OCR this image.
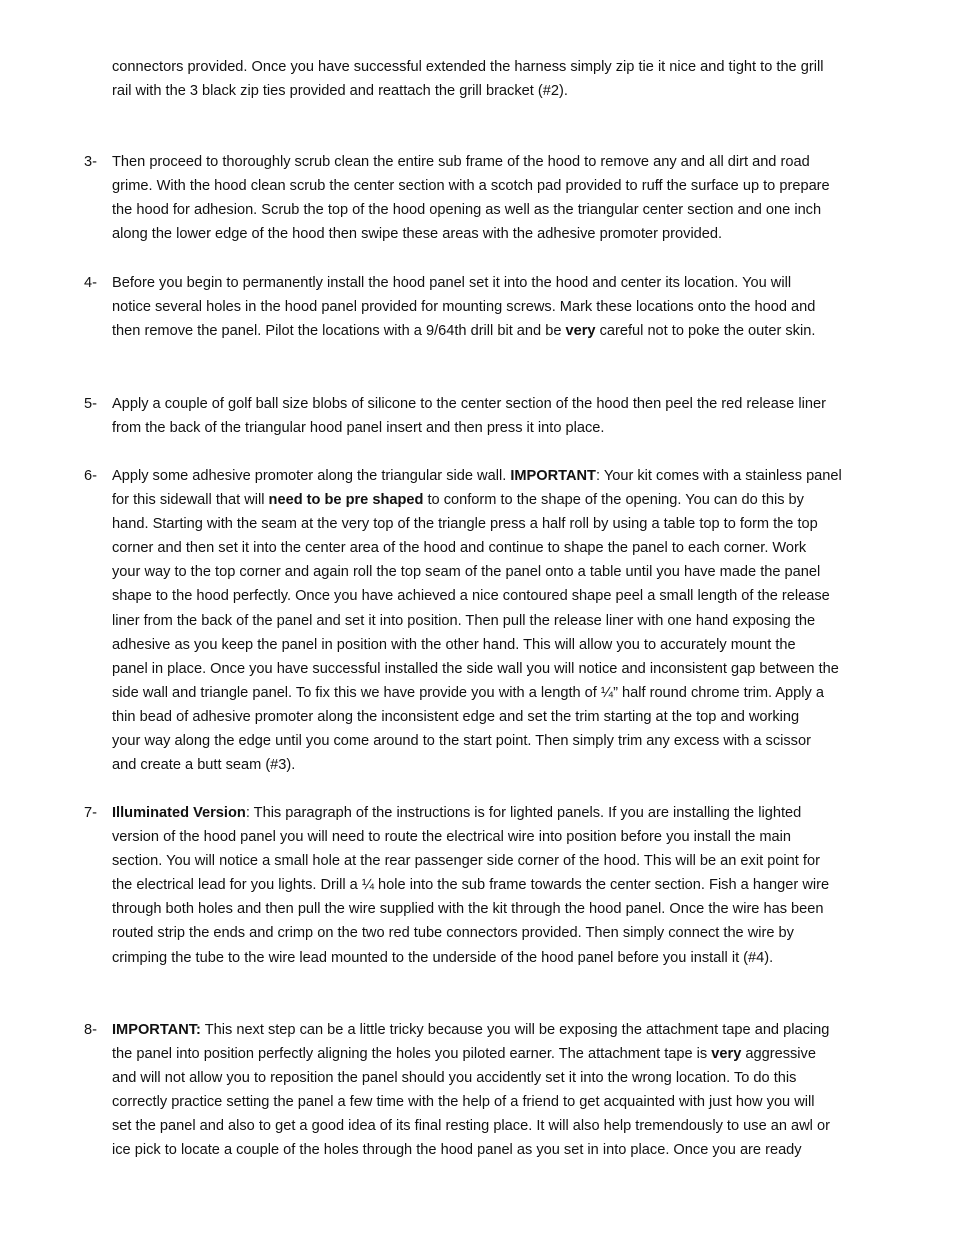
connectors provided. Once you have successful extended the harness simply zip tie it nice and tight to the grill
rail with the 3 black zip ties provided and reattach the grill bracket (#2).
3- Then proceed to thoroughly scrub clean the entire sub frame of the hood to remove any and all dirt and road
grime. With the hood clean scrub the center section with a scotch pad provided to ruff the surface up to prepare
the hood for adhesion. Scrub the top of the hood opening as well as the triangular center section and one inch
along the lower edge of the hood then swipe these areas with the adhesive promoter provided.
4- Before you begin to permanently install the hood panel set it into the hood and center its location. You will
notice several holes in the hood panel provided for mounting screws. Mark these locations onto the hood and
then remove the panel. Pilot the locations with a 9/64th drill bit and be very careful not to poke the outer skin.
5- Apply a couple of golf ball size blobs of silicone to the center section of the hood then peel the red release liner
from the back of the triangular hood panel insert and then press it into place.
6- Apply some adhesive promoter along the triangular side wall. IMPORTANT: Your kit comes with a stainless panel
for this sidewall that will need to be pre shaped to conform to the shape of the opening. You can do this by
hand. Starting with the seam at the very top of the triangle press a half roll by using a table top to form the top
corner and then set it into the center area of the hood and continue to shape the panel to each corner. Work
your way to the top corner and again roll the top seam of the panel onto a table until you have made the panel
shape to the hood perfectly. Once you have achieved a nice contoured shape peel a small length of the release
liner from the back of the panel and set it into position. Then pull the release liner with one hand exposing the
adhesive as you keep the panel in position with the other hand. This will allow you to accurately mount the
panel in place. Once you have successful installed the side wall you will notice and inconsistent gap between the
side wall and triangle panel. To fix this we have provide you with a length of ¼” half round chrome trim. Apply a
thin bead of adhesive promoter along the inconsistent edge and set the trim starting at the top and working
your way along the edge until you come around to the start point. Then simply trim any excess with a scissor
and create a butt seam (#3).
7- Illuminated Version: This paragraph of the instructions is for lighted panels. If you are installing the lighted
version of the hood panel you will need to route the electrical wire into position before you install the main
section. You will notice a small hole at the rear passenger side corner of the hood. This will be an exit point for
the electrical lead for you lights. Drill a ¼ hole into the sub frame towards the center section. Fish a hanger wire
through both holes and then pull the wire supplied with the kit through the hood panel. Once the wire has been
routed strip the ends and crimp on the two red tube connectors provided. Then simply connect the wire by
crimping the tube to the wire lead mounted to the underside of the hood panel before you install it (#4).
8- IMPORTANT: This next step can be a little tricky because you will be exposing the attachment tape and placing
the panel into position perfectly aligning the holes you piloted earner. The attachment tape is very aggressive
and will not allow you to reposition the panel should you accidently set it into the wrong location. To do this
correctly practice setting the panel a few time with the help of a friend to get acquainted with just how you will
set the panel and also to get a good idea of its final resting place. It will also help tremendously to use an awl or
ice pick to locate a couple of the holes through the hood panel as you set in into place. Once you are ready
